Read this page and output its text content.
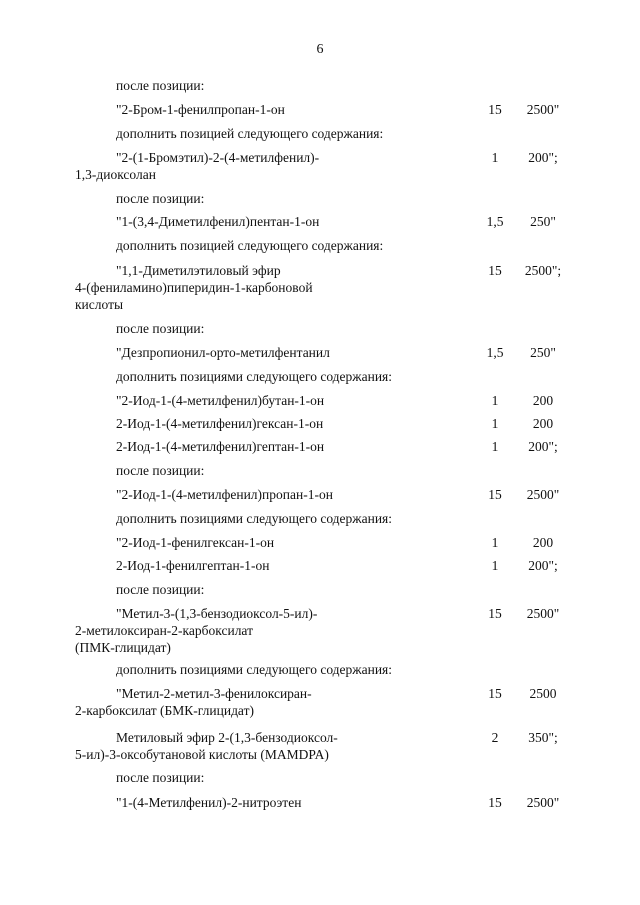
6
после позиции:
"2-Бром-1-фенилпропан-1-он	15	2500"
дополнить позицией следующего содержания:
"2-(1-Бромэтил)-2-(4-метилфенил)-
1,3-диоксолан
1	200";
после позиции:
"1-(3,4-Диметилфенил)пентан-1-он	1,5	250"
дополнить позицией следующего содержания:
"1,1-Диметилэтиловый эфир
4-(фениламино)пиперидин-1-карбоновой
кислоты
15	2500";
после позиции:
"Дезпропионил-орто-метилфентанил	1,5	250"
дополнить позициями следующего содержания:
"2-Иод-1-(4-метилфенил)бутан-1-он	1	200
2-Иод-1-(4-метилфенил)гексан-1-он	1	200
2-Иод-1-(4-метилфенил)гептан-1-он	1	200";
после позиции:
"2-Иод-1-(4-метилфенил)пропан-1-он	15	2500"
дополнить позициями следующего содержания:
"2-Иод-1-фенилгексан-1-он	1	200
2-Иод-1-фенилгептан-1-он	1	200";
после позиции:
"Метил-3-(1,3-бензодиоксол-5-ил)-
2-метилоксиран-2-карбоксилат
(ПМК-глицидат)
15	2500"
дополнить позициями следующего содержания:
"Метил-2-метил-3-фенилоксиран-
2-карбоксилат (БМК-глицидат)
15	2500
Метиловый эфир 2-(1,3-бензодиоксол-
5-ил)-3-оксобутановой кислоты (MAMDPA)
2	350";
после позиции:
"1-(4-Метилфенил)-2-нитроэтен	15	2500"
